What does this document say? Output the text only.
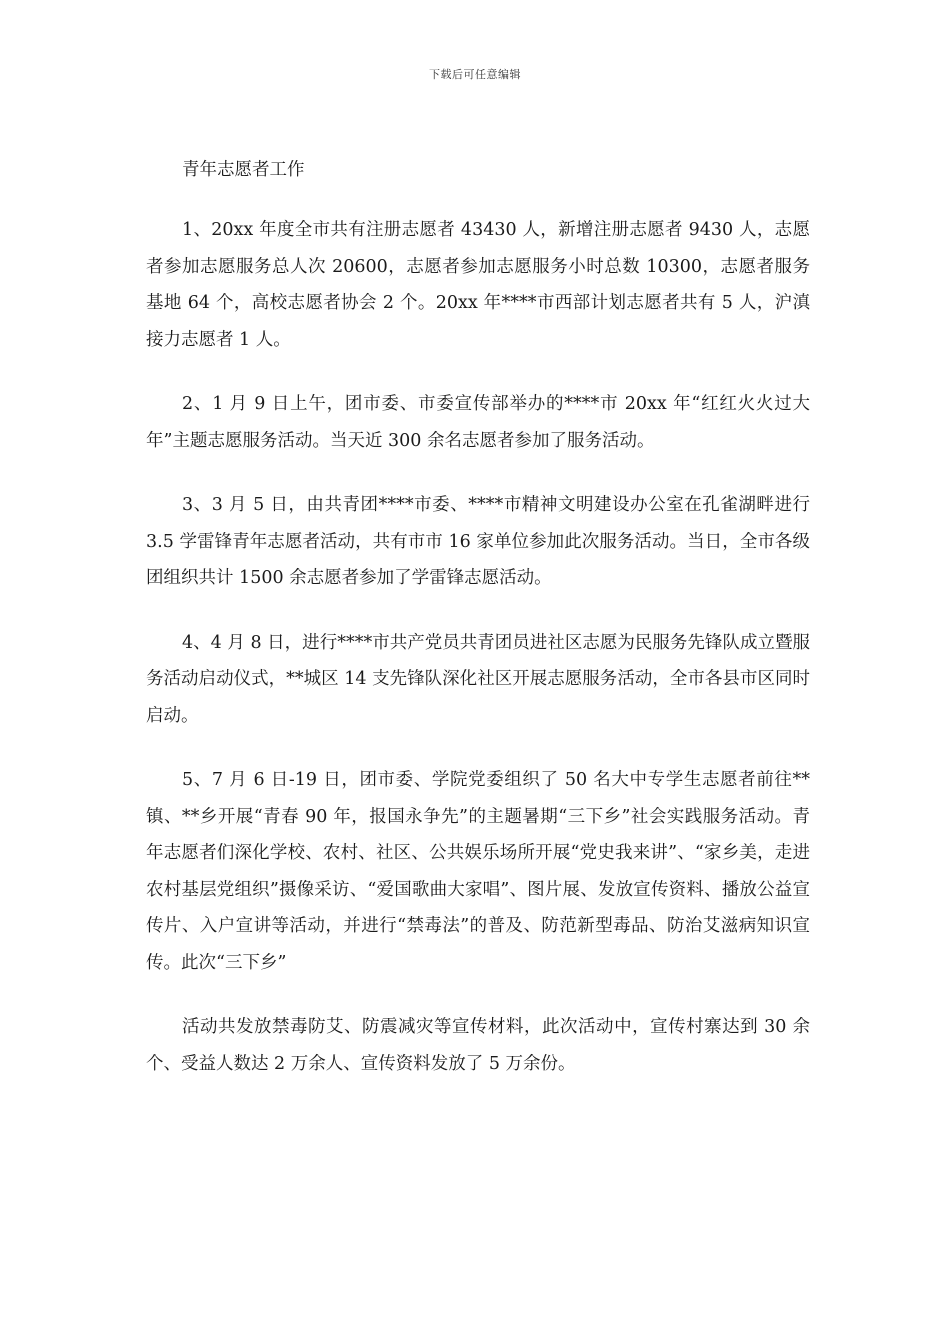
下载后可任意编辑

青年志愿者工作

1、20xx 年度全市共有注册志愿者 43430 人，新增注册志愿者 9430 人，志愿者参加志愿服务总人次 20600，志愿者参加志愿服务小时总数 10300，志愿者服务基地 64 个，高校志愿者协会 2 个。20xx 年****市西部计划志愿者共有 5 人，沪滇接力志愿者 1 人。

2、1 月 9 日上午，团市委、市委宣传部举办的****市 20xx 年“红红火火过大年”主题志愿服务活动。当天近 300 余名志愿者参加了服务活动。

3、3 月 5 日，由共青团****市委、****市精神文明建设办公室在孔雀湖畔进行 3.5 学雷锋青年志愿者活动，共有市市 16 家单位参加此次服务活动。当日，全市各级团组织共计 1500 余志愿者参加了学雷锋志愿活动。

4、4 月 8 日，进行****市共产党员共青团员进社区志愿为民服务先锋队成立暨服务活动启动仪式，**城区 14 支先锋队深化社区开展志愿服务活动，全市各县市区同时启动。

5、7 月 6 日-19 日，团市委、学院党委组织了 50 名大中专学生志愿者前往**镇、**乡开展“青春 90 年，报国永争先”的主题暑期“三下乡”社会实践服务活动。青年志愿者们深化学校、农村、社区、公共娱乐场所开展“党史我来讲”、“家乡美，走进农村基层党组织”摄像采访、“爱国歌曲大家唱”、图片展、发放宣传资料、播放公益宣传片、入户宣讲等活动，并进行“禁毒法”的普及、防范新型毒品、防治艾滋病知识宣传。此次“三下乡”

活动共发放禁毒防艾、防震减灾等宣传材料，此次活动中，宣传村寨达到 30 余个、受益人数达 2 万余人、宣传资料发放了 5 万余份。
